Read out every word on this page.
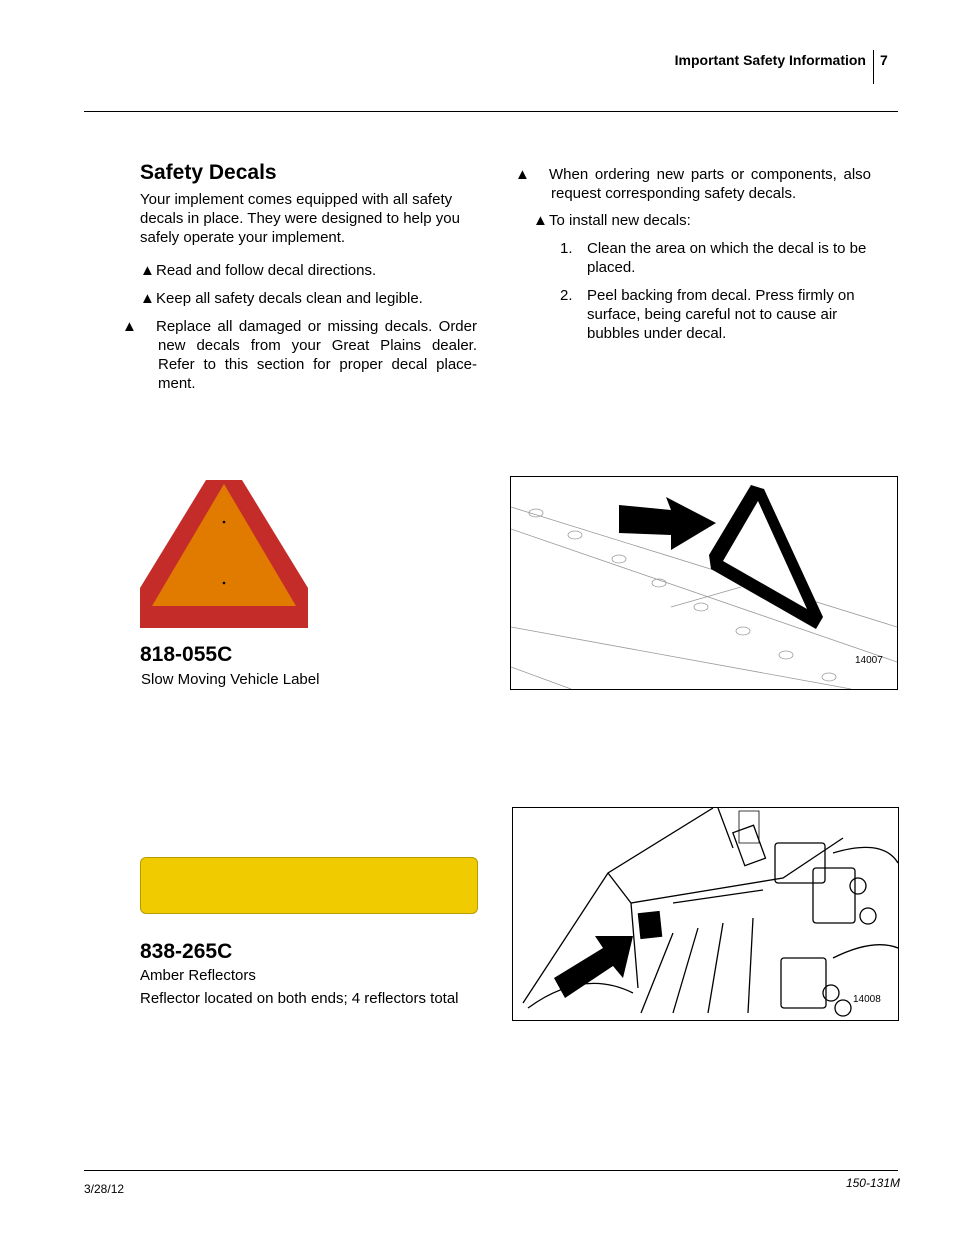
Important Safety Information 7
Safety Decals
Your implement comes equipped with all safety decals in place. They were designed to help you safely operate your implement.
▲Read and follow decal directions.
▲Keep all safety decals clean and legible.
▲ Replace all damaged or missing decals. Order new decals from your Great Plains dealer. Refer to this section for proper decal place-ment.
▲ When ordering new parts or components, also request corresponding safety decals.
▲To install new decals:
1. Clean the area on which the decal is to be placed.
2. Peel backing from decal. Press firmly on surface, being careful not to cause air bubbles under decal.
818-055C
Slow Moving Vehicle Label
14007
838-265C
Amber Reflectors
Reflector located on both ends; 4 reflectors total	14008
3/28/12	150-131M
